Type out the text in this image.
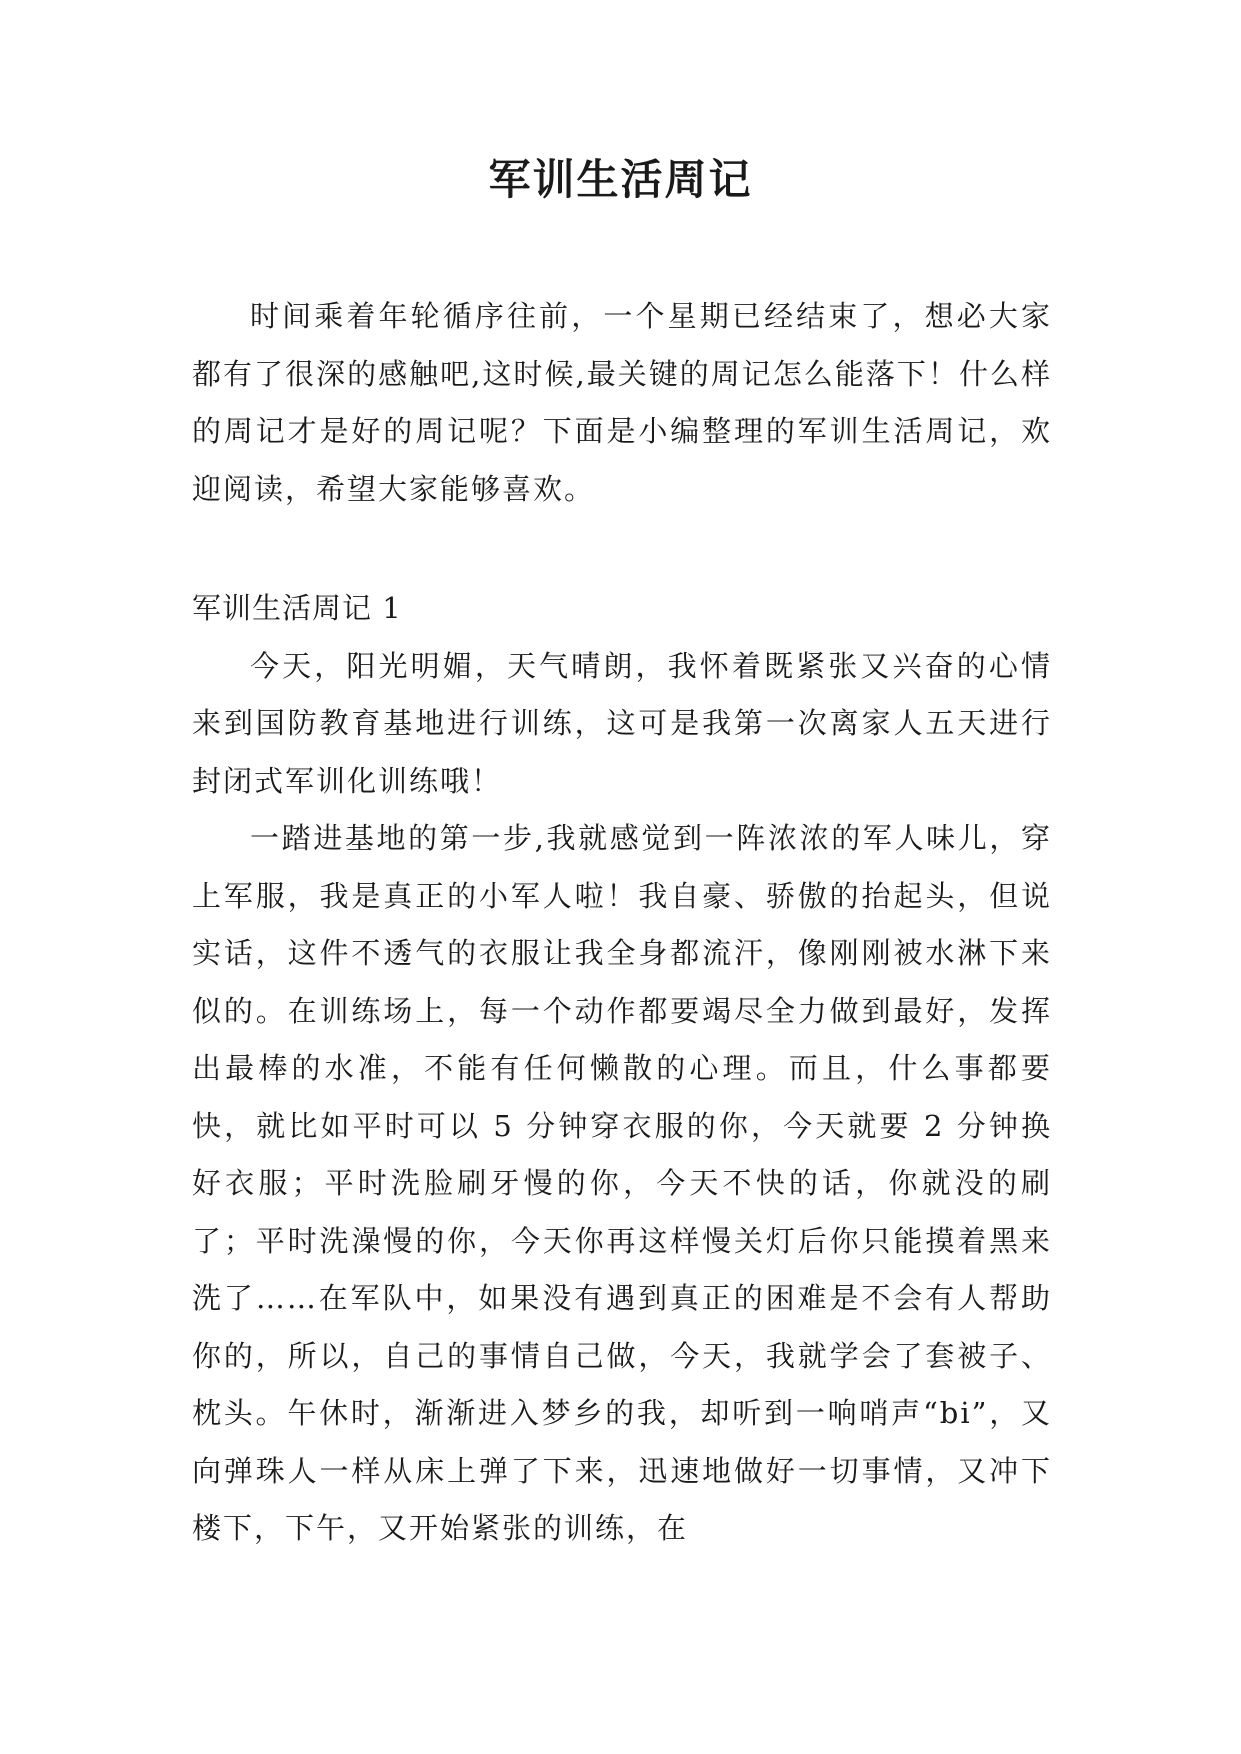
军训生活周记

时间乘着年轮循序往前，一个星期已经结束了，想必大家都有了很深的感触吧,这时候,最关键的周记怎么能落下！什么样的周记才是好的周记呢？下面是小编整理的军训生活周记，欢迎阅读，希望大家能够喜欢。

军训生活周记 1

今天，阳光明媚，天气晴朗，我怀着既紧张又兴奋的心情来到国防教育基地进行训练，这可是我第一次离家人五天进行封闭式军训化训练哦！

一踏进基地的第一步,我就感觉到一阵浓浓的军人味儿，穿上军服，我是真正的小军人啦！我自豪、骄傲的抬起头，但说实话，这件不透气的衣服让我全身都流汗，像刚刚被水淋下来似的。在训练场上，每一个动作都要竭尽全力做到最好，发挥出最棒的水准，不能有任何懒散的心理。而且，什么事都要快，就比如平时可以 5 分钟穿衣服的你，今天就要 2 分钟换好衣服；平时洗脸刷牙慢的你，今天不快的话，你就没的刷了；平时洗澡慢的你，今天你再这样慢关灯后你只能摸着黑来洗了……在军队中，如果没有遇到真正的困难是不会有人帮助你的，所以，自己的事情自己做，今天，我就学会了套被子、枕头。午休时，渐渐进入梦乡的我，却听到一响哨声“bi”，又向弹珠人一样从床上弹了下来，迅速地做好一切事情，又冲下楼下，下午，又开始紧张的训练，在
